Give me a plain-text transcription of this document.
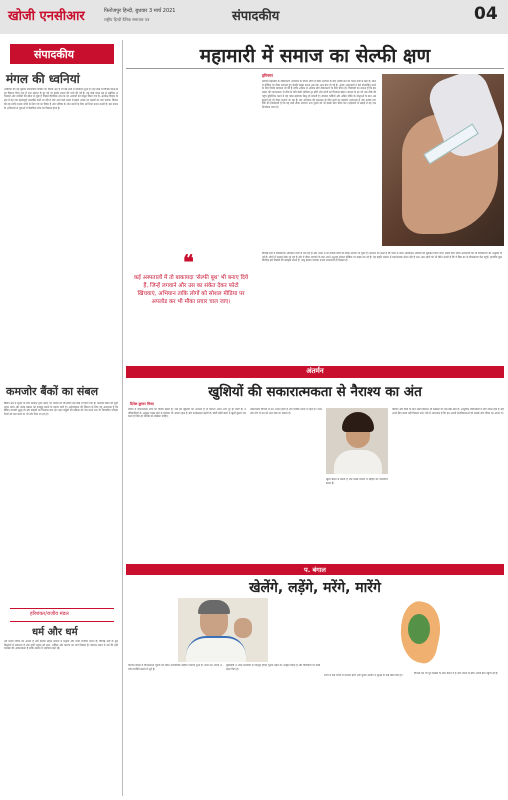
खोजी एनसीआर	फिरोजपुर हिन्दी, बुधवार 3 मार्च 2021
राष्ट्रीय हिन्दी दैनिक समाचार पत्र	संपादकीय	04
संपादकीय
मंगल की ध्वनियां
अमेरिका की यह पुस्तक संपादकीय पत्रिका का विशेष अंश है जो बड़े क्षेत्रों में प्रकाशित हुआ है। इस लेख में विभिन्न घटनाओं का विवरण दिया गया है तथा समाज के हर वर्ग पर इसके प्रभाव की चर्चा की गई है। यह लेख मंगल ग्रह से संबंधित अभियानों और ध्वनियों की खोज से जुड़ा है जिसमें वैज्ञानिक शोध के नए आयामों को प्रस्तुत किया गया है। अंतरिक्ष विज्ञान के क्षेत्र में यह एक महत्वपूर्ण उपलब्धि मानी जा रही है और आने वाले समय में इससे अनेक नए रहस्यों का पता चलेगा। विज्ञान की यह प्रगति मानव जाति के लिए गर्व का विषय है और भविष्य के शोध कार्यों के लिए नई दिशा प्रदान करती है। इस प्रकार के अभियानों से युवाओं में वैज्ञानिक सोच का विकास होता है।
कमजोर बैंकों का संबल
बैंकिंग क्षेत्र में सुधार के लिए सरकार द्वारा उठाए गए कदमों का विश्लेषण इस लेख में किया गया है। कमजोर बैंकों को पूंजी प्रदान करने और उनके प्रबंधन को मजबूत बनाने के प्रयास जारी हैं। अर्थव्यवस्था की स्थिरता के लिए यह आवश्यक है कि बैंकिंग प्रणाली सुदृढ़ हो और ग्राहकों का विश्वास बना रहे। ऋण वसूली की प्रक्रिया को तेज करने तथा गैर निष्पादित परिसंपत्तियों को कम करने पर भी जोर दिया जा रहा है।
हरिशंकर/राजीव मंडल
धर्म और धर्म
धर्म मानव जीवन का आधार है और इसका उद्देश्य समाज में सद्भाव और शांति स्थापित करना है। विभिन्न धर्मों के मूल सिद्धांतों में समानता है और सभी मनुष्य को सत्य, अहिंसा और करुणा का मार्ग दिखाते हैं। वर्तमान समय में धर्म की सही व्याख्या की आवश्यकता है ताकि समाज में भाईचारा बना रहे।
महामारी में समाज का सेल्फी क्षण
हरिनगर
❝
कई अस्पतालों में तो बाकायदा 'सेल्फी बूथ' भी बनाए दिये हैं, जिन्हें लगवाने और उस का संकेत देकर फोटो खिंचवाएं, अभियान ताकि लोगों को सोशल मीडिया पर अपलोड कर भी मौका प्रचार चाल जाए।
कोरोना महामारी के टीकाकरण अभियान के दौरान लोगों में टीका लगवाने के बाद तस्वीरें लेने का चलन तेजी से बढ़ा है। सोशल मीडिया पर टीका लगवाते हुए सेल्फी साझा करना अब एक आम बात हो गई है। अनेक अस्पतालों ने इसे प्रोत्साहित करने के लिए विशेष व्यवस्था भी की है ताकि अधिक से अधिक लोग टीकाकरण के लिए प्रेरित हों। विशेषज्ञों का मानना है कि इस प्रकार की जागरूकता से टीके के प्रति फैली भ्रांतियां दूर होंगी और लोगों का विश्वास बढ़ेगा। समाज के हर वर्ग तक टीके की पहुंच सुनिश्चित करने में यह पहल सहायक सिद्ध हो सकती है। स्वास्थ्य कर्मियों और अग्रिम पंक्ति के योद्धाओं के बाद अब बुजुर्गों को भी टीका लगाया जा रहा है। इस अभियान की सफलता के लिए सभी का सहयोग आवश्यक है और प्रत्येक नागरिक की जिम्मेदारी है कि वह स्वयं टीका लगवाए तथा दूसरों को भी इसके लिए प्रेरित करे। महामारी से लड़ाई में यह एक निर्णायक चरण है।
विभिन्न देशों में टीकाकरण अभियान तेजी से चल रहा है और भारत में भी करोड़ों लोगों को टीका लगाया जा चुका है। सरकार का लक्ष्य है कि जल्द से जल्द अधिकतम आबादी को सुरक्षित किया जाए। इसके लिए निजी अस्पतालों को भी टीकाकरण की अनुमति दी गई है। लोगों में उत्साह देखा जा रहा है और वे टीका लगवाने के बाद अपने अनुभव सोशल मीडिया पर साझा कर रहे हैं। यह प्रवृत्ति समाज में सकारात्मक संदेश देती है तथा अन्य लोगों को भी प्रेरित करती है कि वे बिना डर के टीकाकरण केंद्र पहुंचें। हालांकि कुछ विशेषज्ञ इसे दिखावे की संस्कृति मानते हैं, परंतु इसका व्यापक प्रभाव लाभकारी ही दिखता है।
अंतर्मन
खुशियों की सकारात्मकता से नैराश्य का अंत
दिनेश कुमार मिश्रा
जीवन में सकारात्मक सोच का विशेष महत्व है। जब हम खुशियों को अपनाते हैं तो निराशा अपने आप दूर हो जाती है। मनोवैज्ञानिकों के अनुसार प्रसन्न रहने से स्वास्थ्य भी अच्छा रहता है और कार्यक्षमता बढ़ती है। छोटी छोटी बातों में खुशी ढूंढना एक कला है जिसे हर व्यक्ति को सीखना चाहिए।
नकारात्मक विचारों से मन अशांत होता है और व्यक्ति तनाव में रहता है। ध्यान और योग से मन को शांत रखा जा सकता है।
खुशी बांटने से बढ़ती है और इससे समाज में सौहार्द का वातावरण बनता है।
परिवार और मित्रों के साथ समय बिताना भी प्रसन्नता का एक बड़ा स्रोत है। आधुनिक जीवनशैली में लोग व्यस्त रहते हैं और अपने लिए समय नहीं निकाल पाते। ऐसे में आवश्यक है कि हम अपनी प्राथमिकताओं को समझें और जीवन का आनंद लें।
प. बंगाल
खेलेंगे, लड़ेंगे, मरेंगे, मारेंगे
पश्चिम बंगाल में विधानसभा चुनाव को लेकर राजनीतिक माहौल गरमाया हुआ है। सभी दल अपनी अपनी रणनीति बनाने में जुटे हैं।
मुख्यमंत्री ने अपने समर्थकों से एकजुट होकर चुनाव लड़ने का आह्वान किया है और विरोधियों पर तीखे प्रहार किए हैं।
राज्य में कई चरणों में मतदान होगा और चुनाव आयोग ने सुरक्षा के कड़े प्रबंध किए हैं।
विपक्षी दल भी पूरे दमखम के साथ मैदान में हैं और जनता के बीच अपनी बात पहुंचा रहे हैं।
